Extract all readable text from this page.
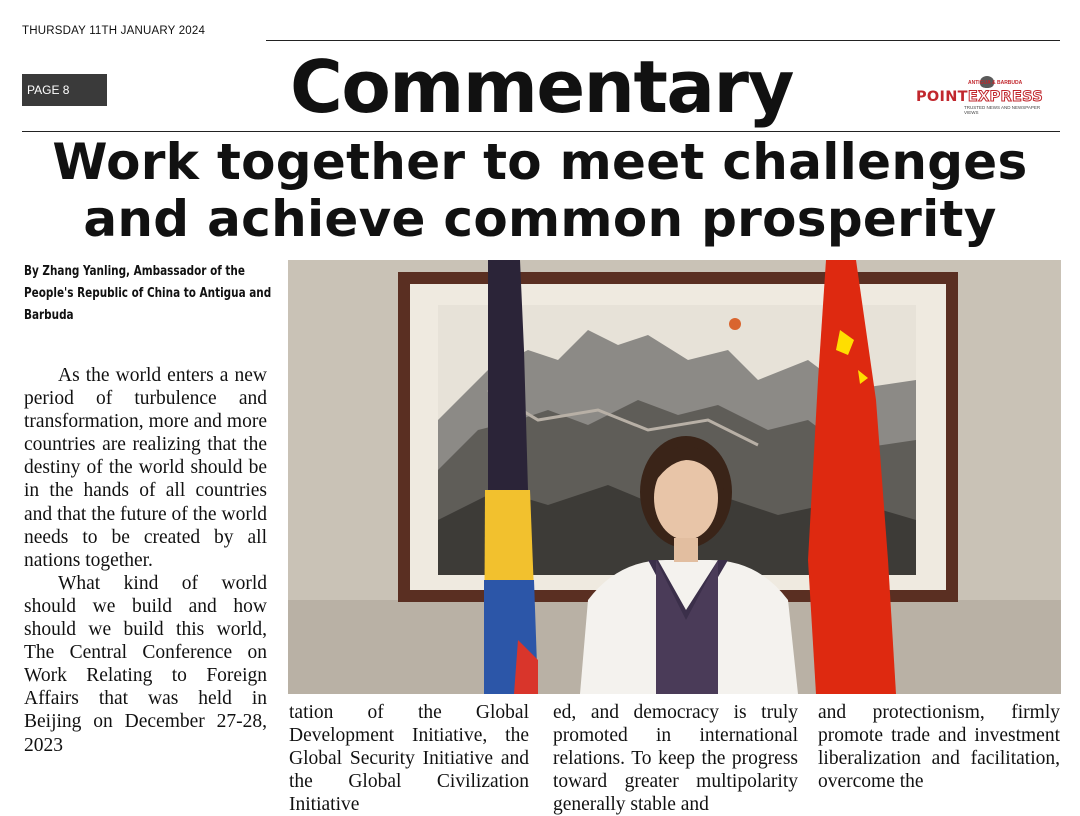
THURSDAY 11TH JANUARY 2024
PAGE 8	Commentary	ANTIGUA & BARBUDA
POINTEXPRESS
TRUSTED NEWS AND NEWSPAPER VIEWS
Work together to meet challenges
and achieve common prosperity
By Zhang Yanling, Ambassador of the People's Republic of China to Antigua and Barbuda

As the world enters a new period of turbulence and transformation, more and more countries are realizing that the destiny of the world should be in the hands of all countries and that the future of the world needs to be created by all nations together.

What kind of world should we build and how should we build this world, The Central Conference on Work Relating to Foreign Affairs that was held in Beijing on December 27-28, 2023

tation of the Global Development Initiative, the Global Security Initiative and the Global Civilization Initiative

ed, and democracy is truly promoted in international relations. To keep the progress toward greater multipolarity generally stable and

and protectionism, firmly promote trade and investment liberalization and facilitation, overcome the
